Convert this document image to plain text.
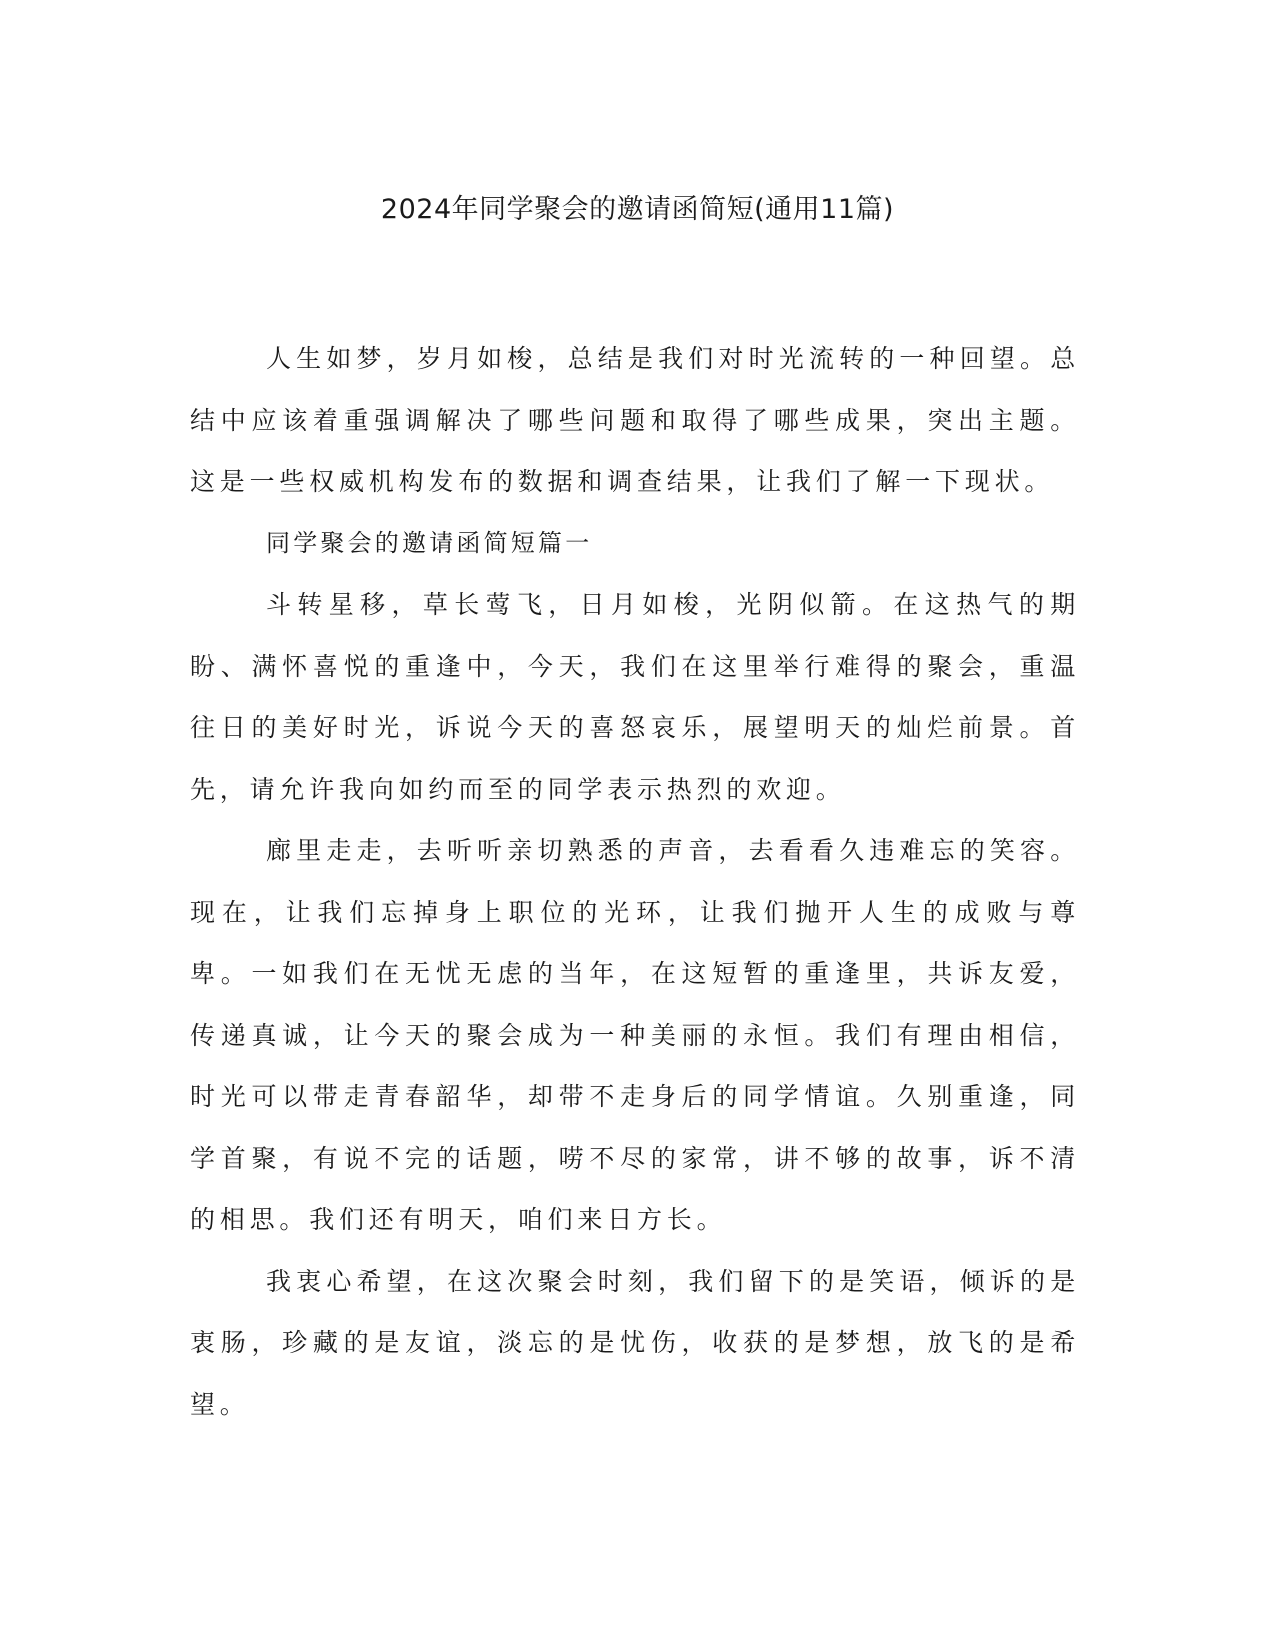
2024年同学聚会的邀请函简短(通用11篇)

人生如梦，岁月如梭，总结是我们对时光流转的一种回望。总结中应该着重强调解决了哪些问题和取得了哪些成果，突出主题。这是一些权威机构发布的数据和调查结果，让我们了解一下现状。

同学聚会的邀请函简短篇一

斗转星移，草长莺飞，日月如梭，光阴似箭。在这热气的期盼、满怀喜悦的重逢中，今天，我们在这里举行难得的聚会，重温往日的美好时光，诉说今天的喜怒哀乐，展望明天的灿烂前景。首先，请允许我向如约而至的同学表示热烈的欢迎。

廊里走走，去听听亲切熟悉的声音，去看看久违难忘的笑容。现在，让我们忘掉身上职位的光环，让我们抛开人生的成败与尊卑。一如我们在无忧无虑的当年，在这短暂的重逢里，共诉友爱，传递真诚，让今天的聚会成为一种美丽的永恒。我们有理由相信，时光可以带走青春韶华，却带不走身后的同学情谊。久别重逢，同学首聚，有说不完的话题，唠不尽的家常，讲不够的故事，诉不清的相思。我们还有明天，咱们来日方长。

我衷心希望，在这次聚会时刻，我们留下的是笑语，倾诉的是衷肠，珍藏的是友谊，淡忘的是忧伤，收获的是梦想，放飞的是希望。
